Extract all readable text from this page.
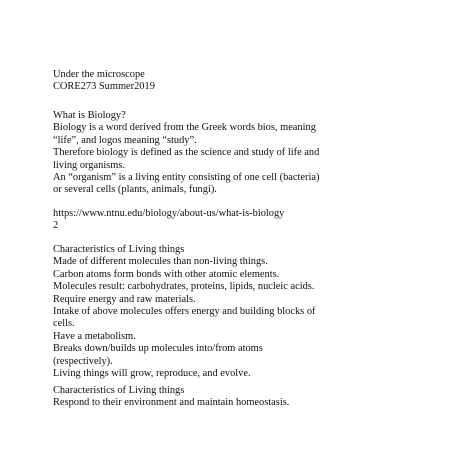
Under the microscope
CORE273 Summer2019
What is Biology?
Biology is a word derived from the Greek words bios, meaning
“life”, and logos meaning “study”.
Therefore biology is defined as the science and study of life and
living organisms.
An “organism” is a living entity consisting of one cell (bacteria)
or several cells (plants, animals, fungi).
https://www.ntnu.edu/biology/about-us/what-is-biology
2
Characteristics of Living things
Made of different molecules than non-living things.
Carbon atoms form bonds with other atomic elements.
Molecules result: carbohydrates, proteins, lipids, nucleic acids.
Require energy and raw materials.
Intake of above molecules offers energy and building blocks of
cells.
Have a metabolism.
Breaks down/builds up molecules into/from atoms
(respectively).
Living things will grow, reproduce, and evolve.
Characteristics of Living things
Respond to their environment and maintain homeostasis.
